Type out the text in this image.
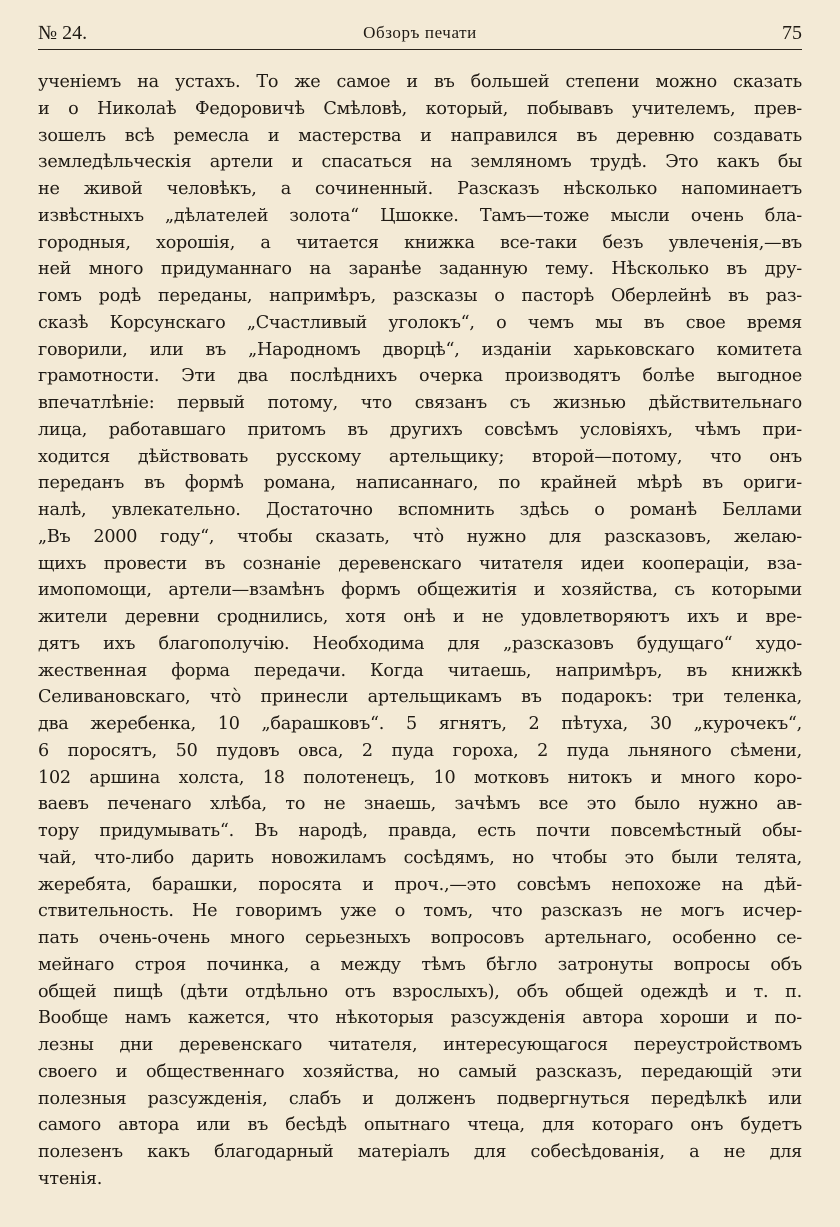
№ 24.	Обзоръ печати	75
ученіемъ на устахъ. То же самое и въ большей степени можно сказать
и о Николаѣ Федоровичѣ Смѣловѣ, который, побывавъ учителемъ, прев-
зошелъ всѣ ремесла и мастерства и направился въ деревню создавать
земледѣльческія артели и спасаться на земляномъ трудѣ. Это какъ бы
не живой человѣкъ, а сочиненный. Разсказъ нѣсколько напоминаетъ
извѣстныхъ „дѣлателей золота“ Цшокке. Тамъ—тоже мысли очень бла-
городныя, хорошія, а читается книжка все-таки безъ увлеченія,—въ
ней много придуманнаго на заранѣе заданную тему. Нѣсколько въ дру-
гомъ родѣ переданы, напримѣръ, разсказы о пасторѣ Оберлейнѣ въ раз-
сказѣ Корсунскаго „Счастливый уголокъ“, о чемъ мы въ свое время
говорили, или въ „Народномъ дворцѣ“, изданіи харьковскаго комитета
грамотности. Эти два послѣднихъ очерка производятъ болѣе выгодное
впечатлѣніе: первый потому, что связанъ съ жизнью дѣйствительнаго
лица, работавшаго притомъ въ другихъ совсѣмъ условіяхъ, чѣмъ при-
ходится дѣйствовать русскому артельщику; второй—потому, что онъ
переданъ въ формѣ романа, написаннаго, по крайней мѣрѣ въ ориги-
налѣ, увлекательно. Достаточно вспомнить здѣсь о романѣ Беллами
„Въ 2000 году“, чтобы сказать, что̀ нужно для разсказовъ, желаю-
щихъ провести въ сознаніе деревенскаго читателя идеи коопераціи, вза-
имопомощи, артели—взамѣнъ формъ общежитія и хозяйства, съ которыми
жители деревни сроднились, хотя онѣ и не удовлетворяютъ ихъ и вре-
дятъ ихъ благополучію. Необходима для „разсказовъ будущаго“ худо-
жественная форма передачи. Когда читаешь, напримѣръ, въ книжкѣ
Селивановскаго, что̀ принесли артельщикамъ въ подарокъ: три теленка,
два жеребенка, 10 „барашковъ“. 5 ягнятъ, 2 пѣтуха, 30 „курочекъ“,
6 поросятъ, 50 пудовъ овса, 2 пуда гороха, 2 пуда льняного сѣмени,
102 аршина холста, 18 полотенецъ, 10 мотковъ нитокъ и много коро-
ваевъ печенаго хлѣба, то не знаешь, зачѣмъ все это было нужно ав-
тору придумывать“. Въ народѣ, правда, есть почти повсемѣстный обы-
чай, что-либо дарить новожиламъ сосѣдямъ, но чтобы это были телята,
жеребята, барашки, поросята и проч.,—это совсѣмъ непохоже на дѣй-
ствительность. Не говоримъ уже о томъ, что разсказъ не могъ исчер-
пать очень-очень много серьезныхъ вопросовъ артельнаго, особенно се-
мейнаго строя починка, а между тѣмъ бѣгло затронуты вопросы объ
общей пищѣ (дѣти отдѣльно отъ взрослыхъ), объ общей одеждѣ и т. п.
Вообще намъ кажется, что нѣкоторыя разсужденія автора хороши и по-
лезны дни деревенскаго читателя, интересующагося переустройствомъ
своего и общественнаго хозяйства, но самый разсказъ, передающій эти
полезныя разсужденія, слабъ и долженъ подвергнуться передѣлкѣ или
самого автора или въ бесѣдѣ опытнаго чтеца, для котораго онъ будетъ
полезенъ какъ благодарный матеріалъ для собесѣдованія, а не для
чтенія.
